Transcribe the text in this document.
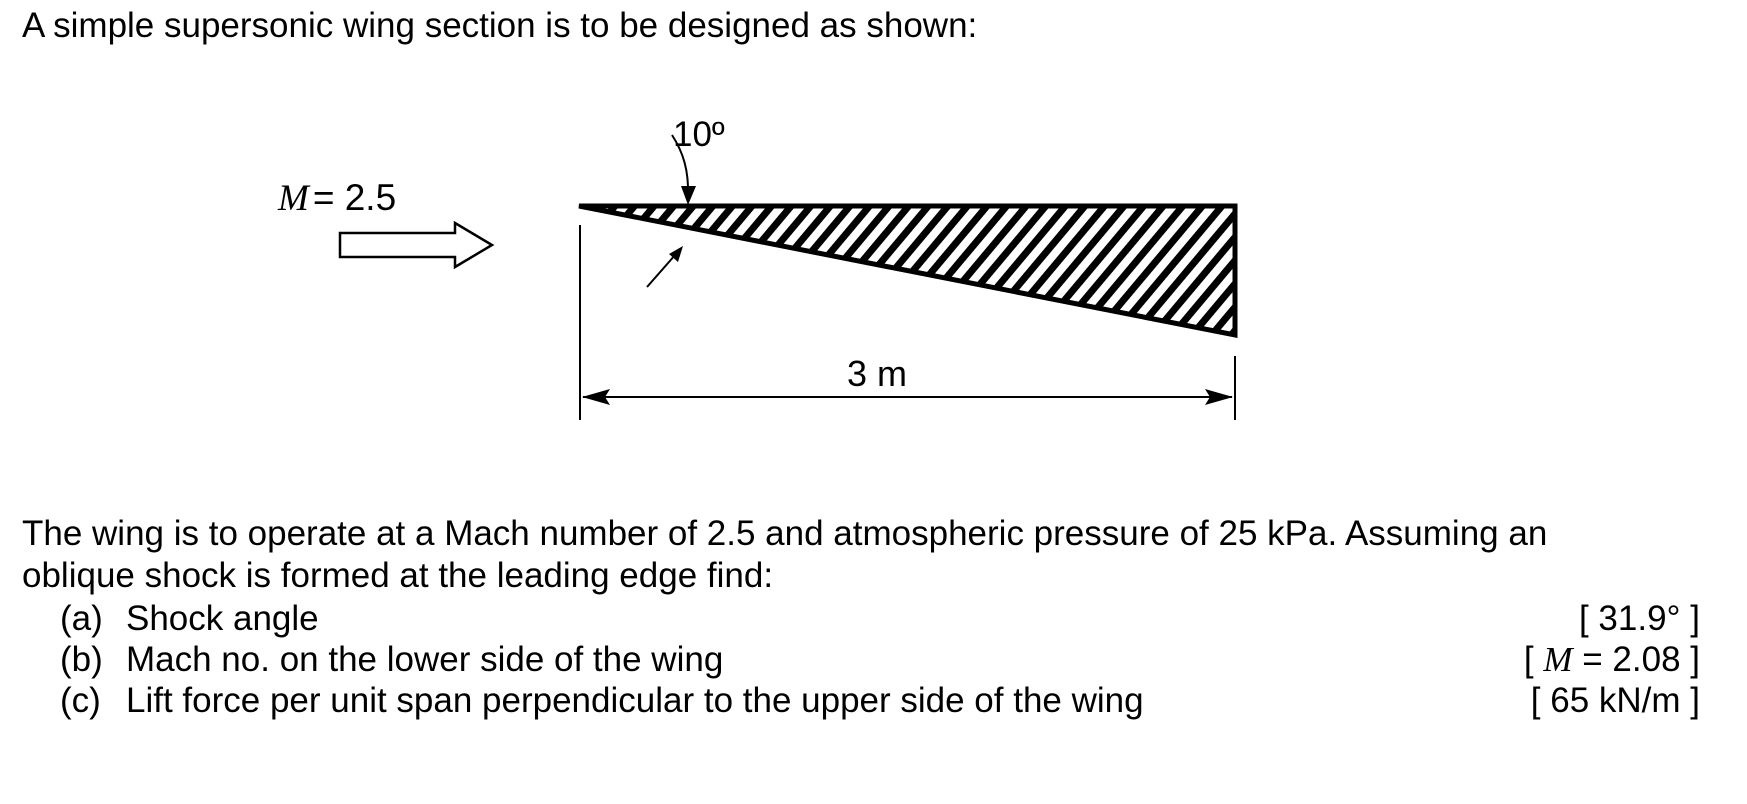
A simple supersonic wing section is to be designed as shown:
M = 2.5
10º
3 m

The wing is to operate at a Mach number of 2.5 and atmospheric pressure of 25 kPa. Assuming an

oblique shock is formed at the leading edge find:

(a) Shock angle	[ 31.9° ]
(b) Mach no. on the lower side of the wing	[ M = 2.08 ]
(c) Lift force per unit span perpendicular to the upper side of the wing	[ 65 kN/m ]
